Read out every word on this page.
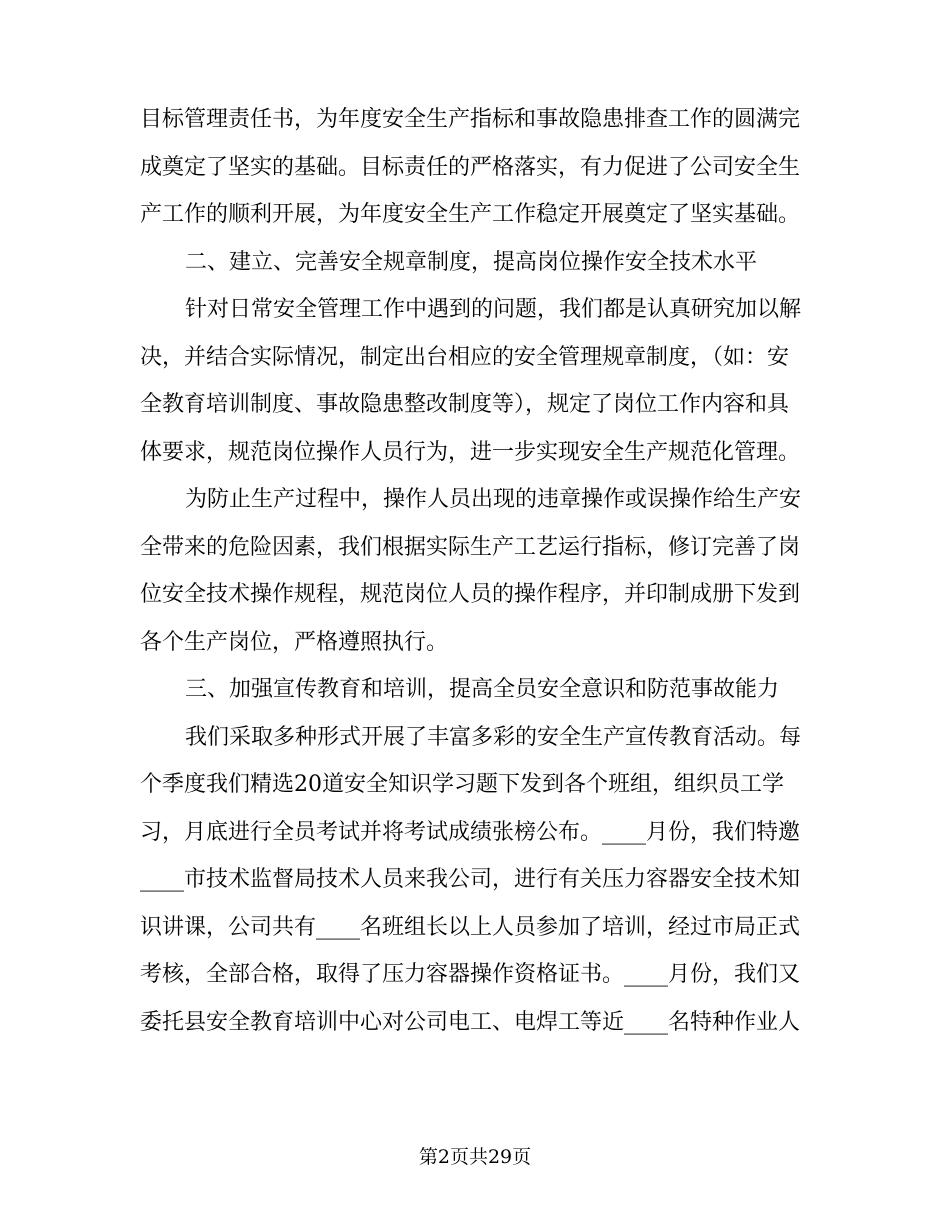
目标管理责任书，为年度安全生产指标和事故隐患排查工作的圆满完
成奠定了坚实的基础。目标责任的严格落实，有力促进了公司安全生
产工作的顺利开展，为年度安全生产工作稳定开展奠定了坚实基础。
二、建立、完善安全规章制度，提高岗位操作安全技术水平
针对日常安全管理工作中遇到的问题，我们都是认真研究加以解
决，并结合实际情况，制定出台相应的安全管理规章制度，（如：安
全教育培训制度、事故隐患整改制度等），规定了岗位工作内容和具
体要求，规范岗位操作人员行为，进一步实现安全生产规范化管理。
为防止生产过程中，操作人员出现的违章操作或误操作给生产安
全带来的危险因素，我们根据实际生产工艺运行指标，修订完善了岗
位安全技术操作规程，规范岗位人员的操作程序，并印制成册下发到
各个生产岗位，严格遵照执行。
三、加强宣传教育和培训，提高全员安全意识和防范事故能力
我们采取多种形式开展了丰富多彩的安全生产宣传教育活动。每
个季度我们精选20道安全知识学习题下发到各个班组，组织员工学
习，月底进行全员考试并将考试成绩张榜公布。____月份，我们特邀
____市技术监督局技术人员来我公司，进行有关压力容器安全技术知
识讲课，公司共有____名班组长以上人员参加了培训，经过市局正式
考核，全部合格，取得了压力容器操作资格证书。____月份，我们又
委托县安全教育培训中心对公司电工、电焊工等近____名特种作业人
第2页共29页
